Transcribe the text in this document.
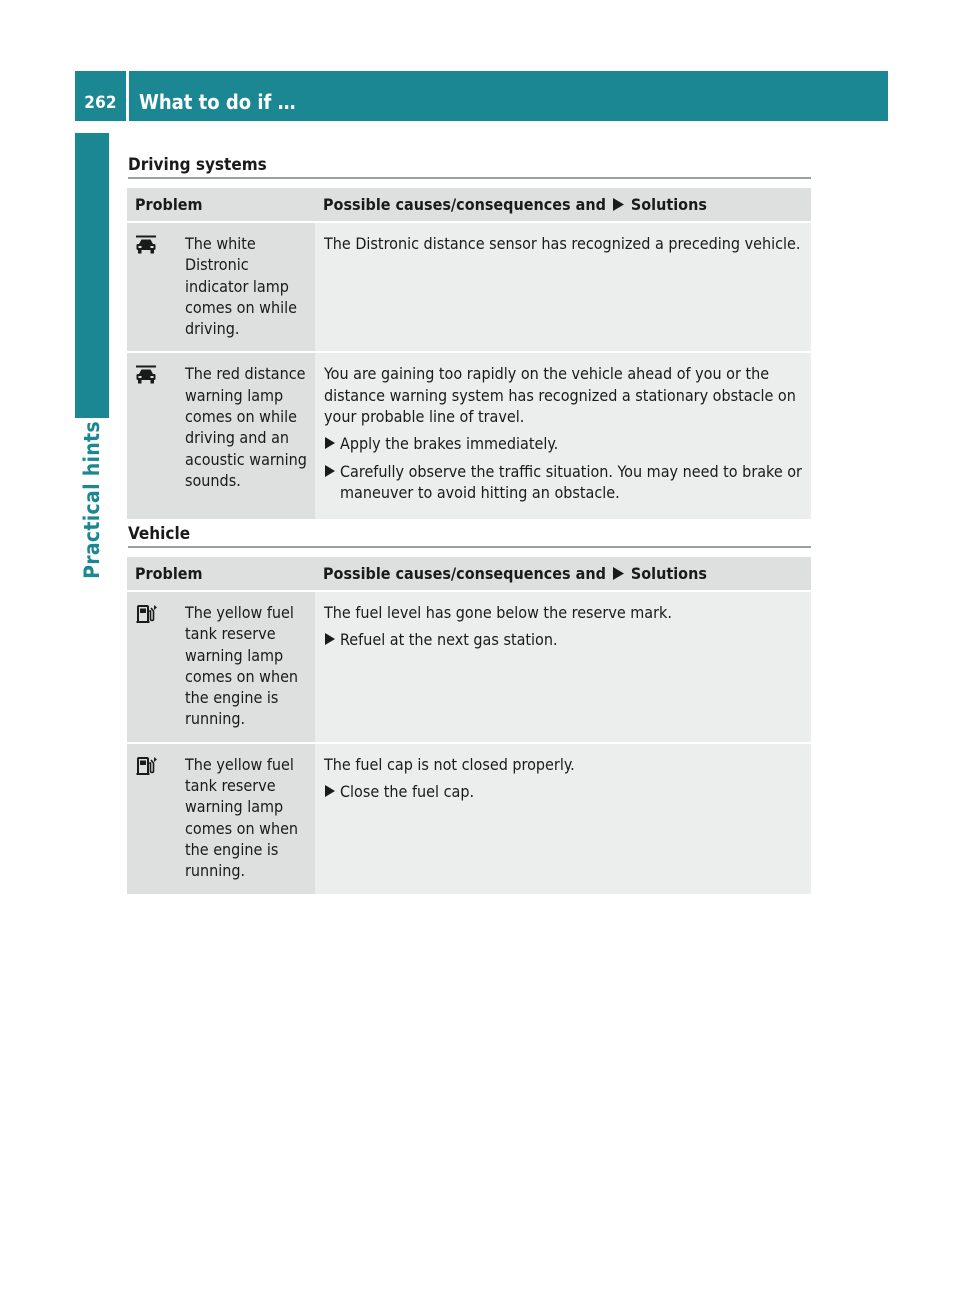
262	What to do if …
Practical hints
Driving systems
Problem	Possible causes/consequences and Solutions

The white Distronic indicator lamp comes on while driving.	The Distronic distance sensor has recognized a preceding vehicle.

The red distance warning lamp comes on while driving and an acoustic warning sounds.	You are gaining too rapidly on the vehicle ahead of you or the distance warning system has recognized a stationary obstacle on your probable line of travel.
Apply the brakes immediately.
Carefully observe the traffic situation. You may need to brake or maneuver to avoid hitting an obstacle.
Vehicle
Problem	Possible causes/consequences and Solutions

The yellow fuel tank reserve warning lamp comes on when the engine is running.	The fuel level has gone below the reserve mark.
Refuel at the next gas station.

The yellow fuel tank reserve warning lamp comes on when the engine is running.	The fuel cap is not closed properly.
Close the fuel cap.
